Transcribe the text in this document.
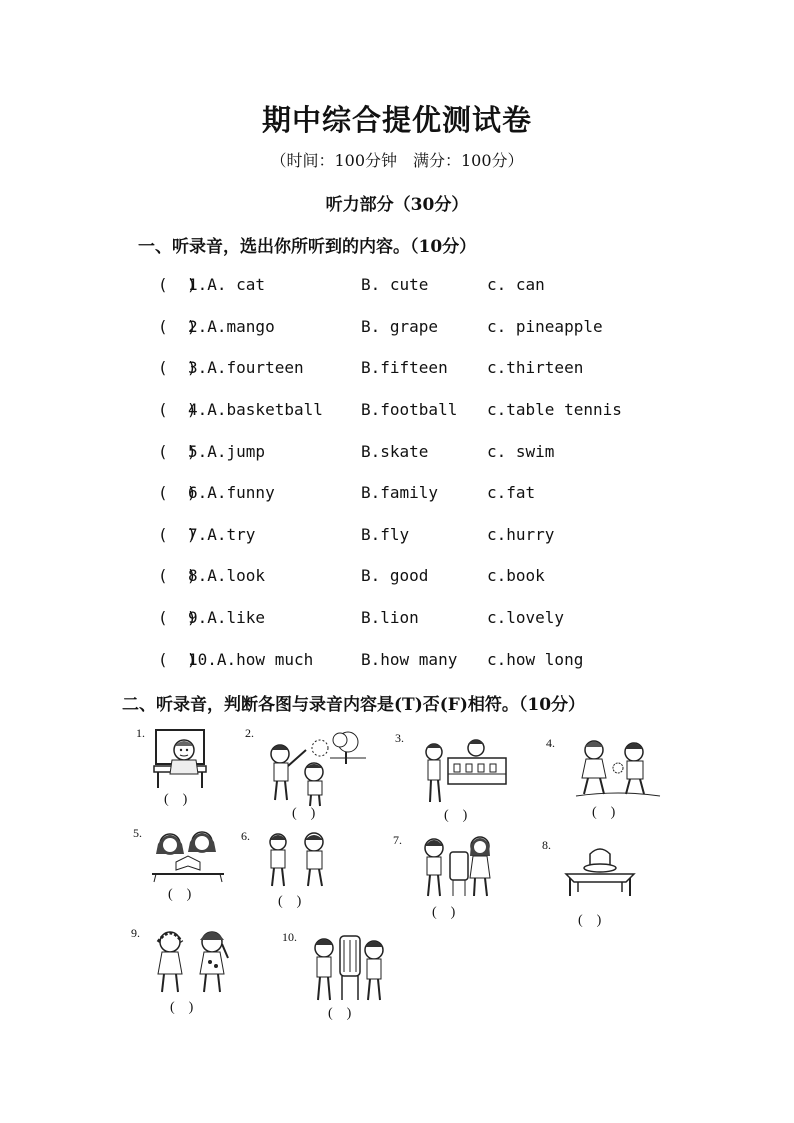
期中综合提优测试卷
（时间：100分钟　满分：100分）
听力部分（30分）
一、听录音，选出你所听到的内容。（10分）
(  )
1.A. cat	B. cute	c. can
(  )
2.A.mango	B. grape	c. pineapple
(  )
3.A.fourteen	B.fifteen c.thirteen
(  )
4.A.basketball B.football c.table tennis
(  )
5.A.jump	B.skate	c. swim
(  )
6.A.funny	B.family	c.fat
(  )
7.A.try	B.fly	c.hurry
(  )
8.A.look	B. good	c.book
(  )
9.A.like	B.lion	c.lovely
(  )
10.A.how much	B.how many c.how long
二、听录音，判断各图与录音内容是(T)否(F)相符。（10分）
1.
(    )
2.
(    )
3.
(    )
4.
(    )
5.
(    )
6.
(    )
7.
(    )
8.
(    )
9.
(    )
10.
(    )
